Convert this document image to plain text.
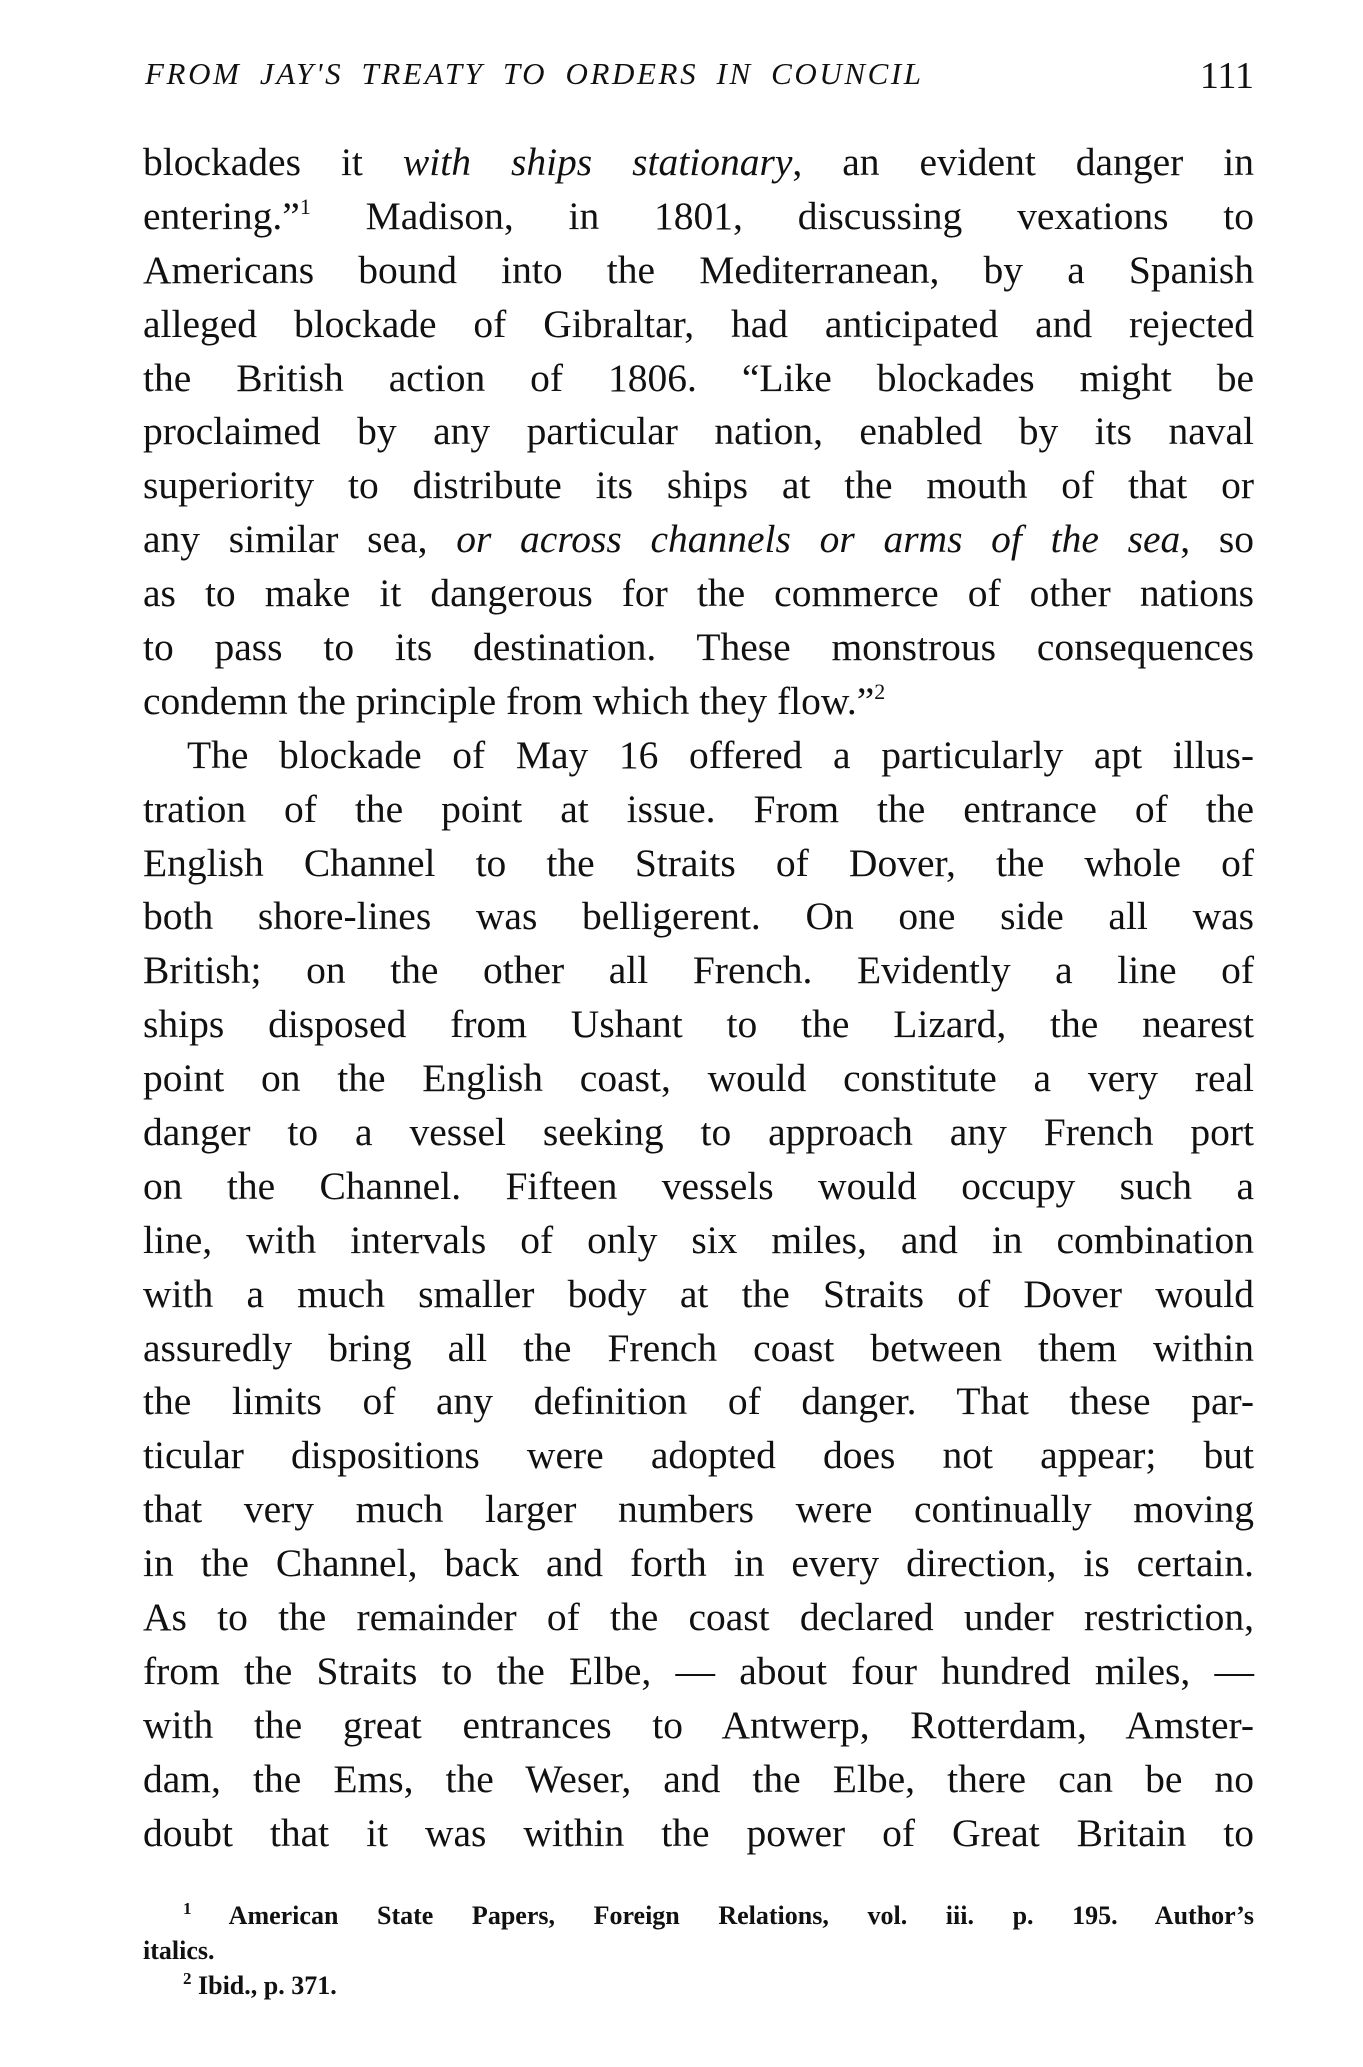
FROM JAY'S TREATY TO ORDERS IN COUNCIL	111
blockades it with ships stationary, an evident danger in
entering.”$^1$ Madison, in 1801, discussing vexations to
Americans bound into the Mediterranean, by a Spanish
alleged blockade of Gibraltar, had anticipated and rejected
the British action of 1806. “Like blockades might be
proclaimed by any particular nation, enabled by its naval
superiority to distribute its ships at the mouth of that or
any similar sea, or across channels or arms of the sea, so
as to make it dangerous for the commerce of other nations
to pass to its destination. These monstrous consequences
condemn the principle from which they flow.”$^2$
The blockade of May 16 offered a particularly apt illus-
tration of the point at issue. From the entrance of the
English Channel to the Straits of Dover, the whole of
both shore-lines was belligerent. On one side all was
British; on the other all French. Evidently a line of
ships disposed from Ushant to the Lizard, the nearest
point on the English coast, would constitute a very real
danger to a vessel seeking to approach any French port
on the Channel. Fifteen vessels would occupy such a
line, with intervals of only six miles, and in combination
with a much smaller body at the Straits of Dover would
assuredly bring all the French coast between them within
the limits of any definition of danger. That these par-
ticular dispositions were adopted does not appear; but
that very much larger numbers were continually moving
in the Channel, back and forth in every direction, is certain.
As to the remainder of the coast declared under restriction,
from the Straits to the Elbe, — about four hundred miles, —
with the great entrances to Antwerp, Rotterdam, Amster-
dam, the Ems, the Weser, and the Elbe, there can be no
doubt that it was within the power of Great Britain to
$^1$ American State Papers, Foreign Relations, vol. iii. p. 195. Author’s
italics.
$^2$ Ibid., p. 371.
